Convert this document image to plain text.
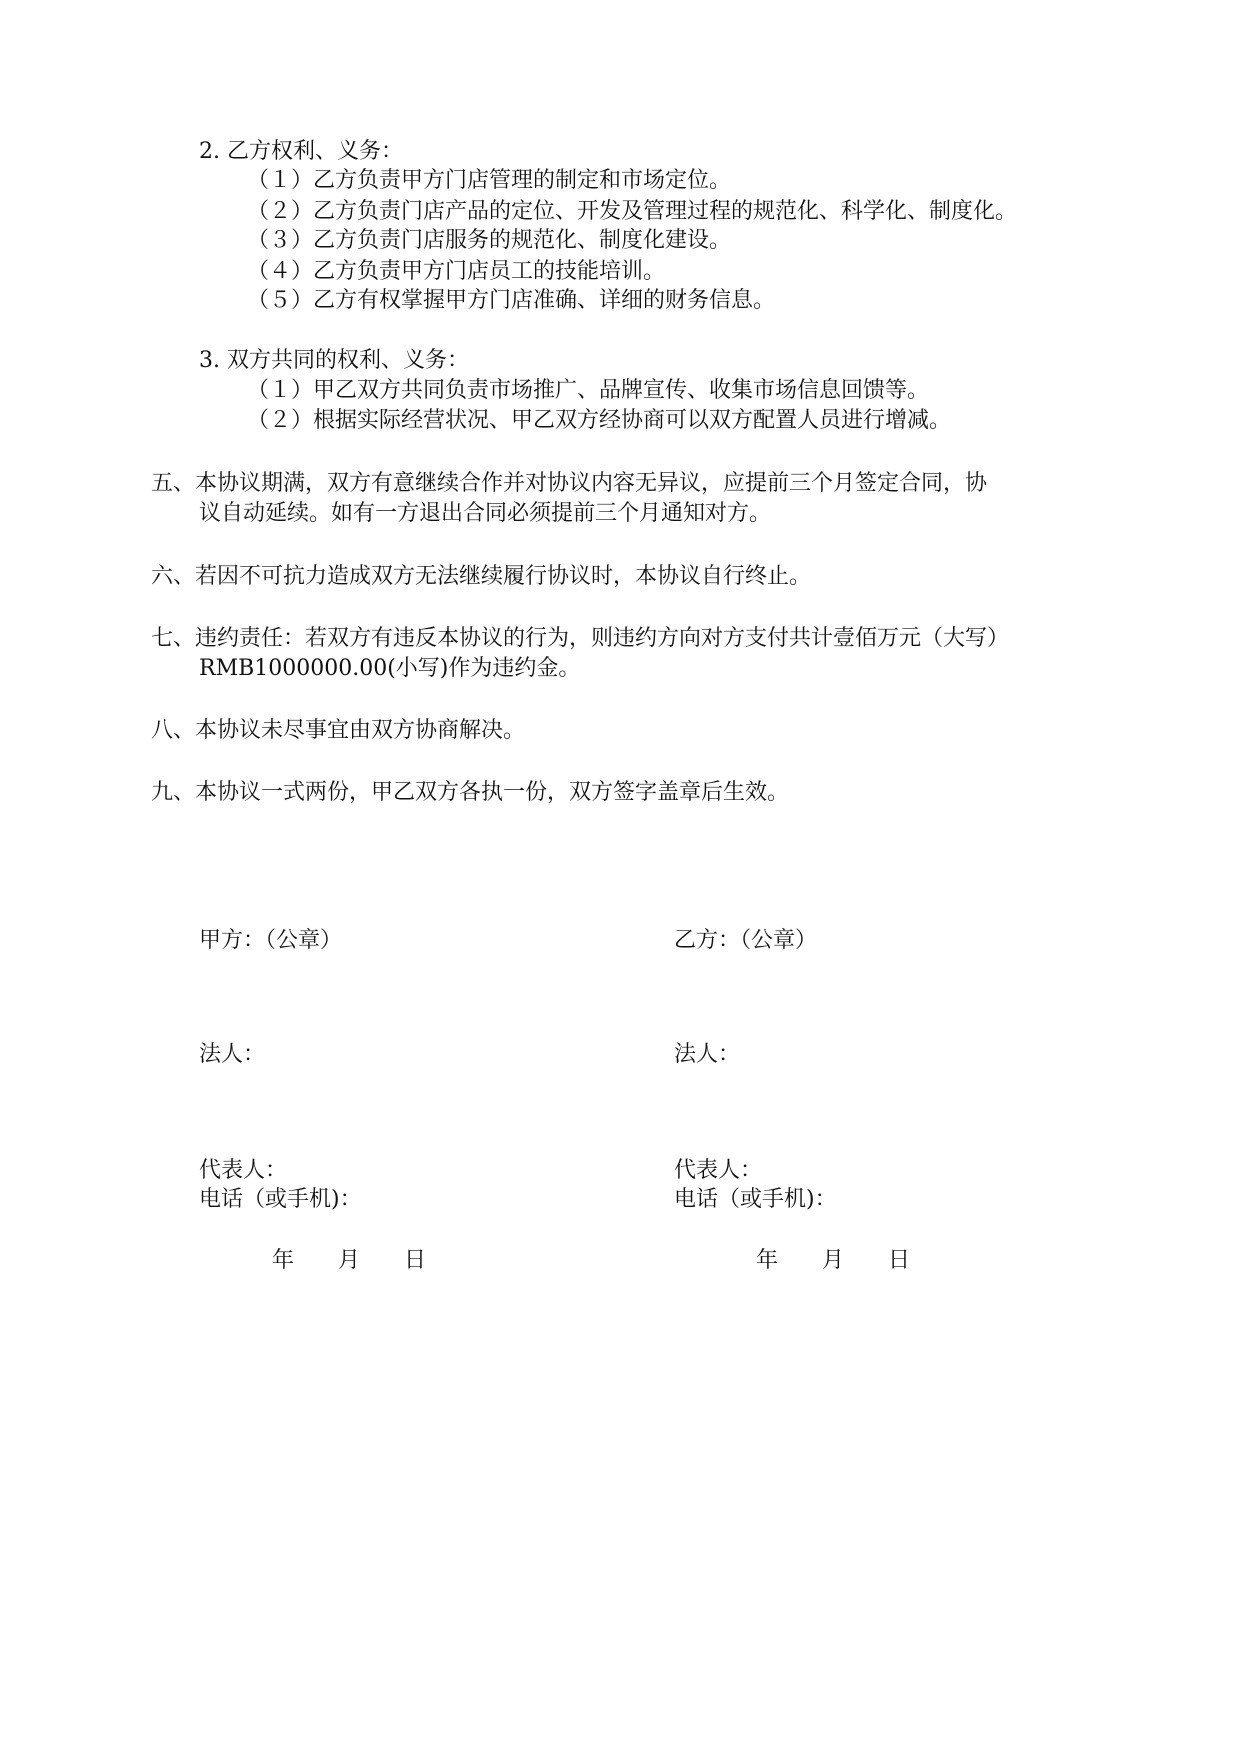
2. 乙方权利、义务：
（１）乙方负责甲方门店管理的制定和市场定位。
（２）乙方负责门店产品的定位、开发及管理过程的规范化、科学化、制度化。
（３）乙方负责门店服务的规范化、制度化建设。
（４）乙方负责甲方门店员工的技能培训。
（５）乙方有权掌握甲方门店准确、详细的财务信息。
3. 双方共同的权利、义务：
（１）甲乙双方共同负责市场推广、品牌宣传、收集市场信息回馈等。
（２）根据实际经营状况、甲乙双方经协商可以双方配置人员进行增减。
五、本协议期满，双方有意继续合作并对协议内容无异议，应提前三个月签定合同，协
议自动延续。如有一方退出合同必须提前三个月通知对方。
六、若因不可抗力造成双方无法继续履行协议时，本协议自行终止。
七、违约责任：若双方有违反本协议的行为，则违约方向对方支付共计壹佰万元（大写）
RMB1000000.00(小写)作为违约金。
八、本协议未尽事宜由双方协商解决。
九、本协议一式两份，甲乙双方各执一份，双方签字盖章后生效。
甲方：（公章）	乙方：（公章）
法人：	法人：
代表人：	代表人：
电话（或手机)：	电话（或手机)：
年　　月　　日	年　　月　　日
